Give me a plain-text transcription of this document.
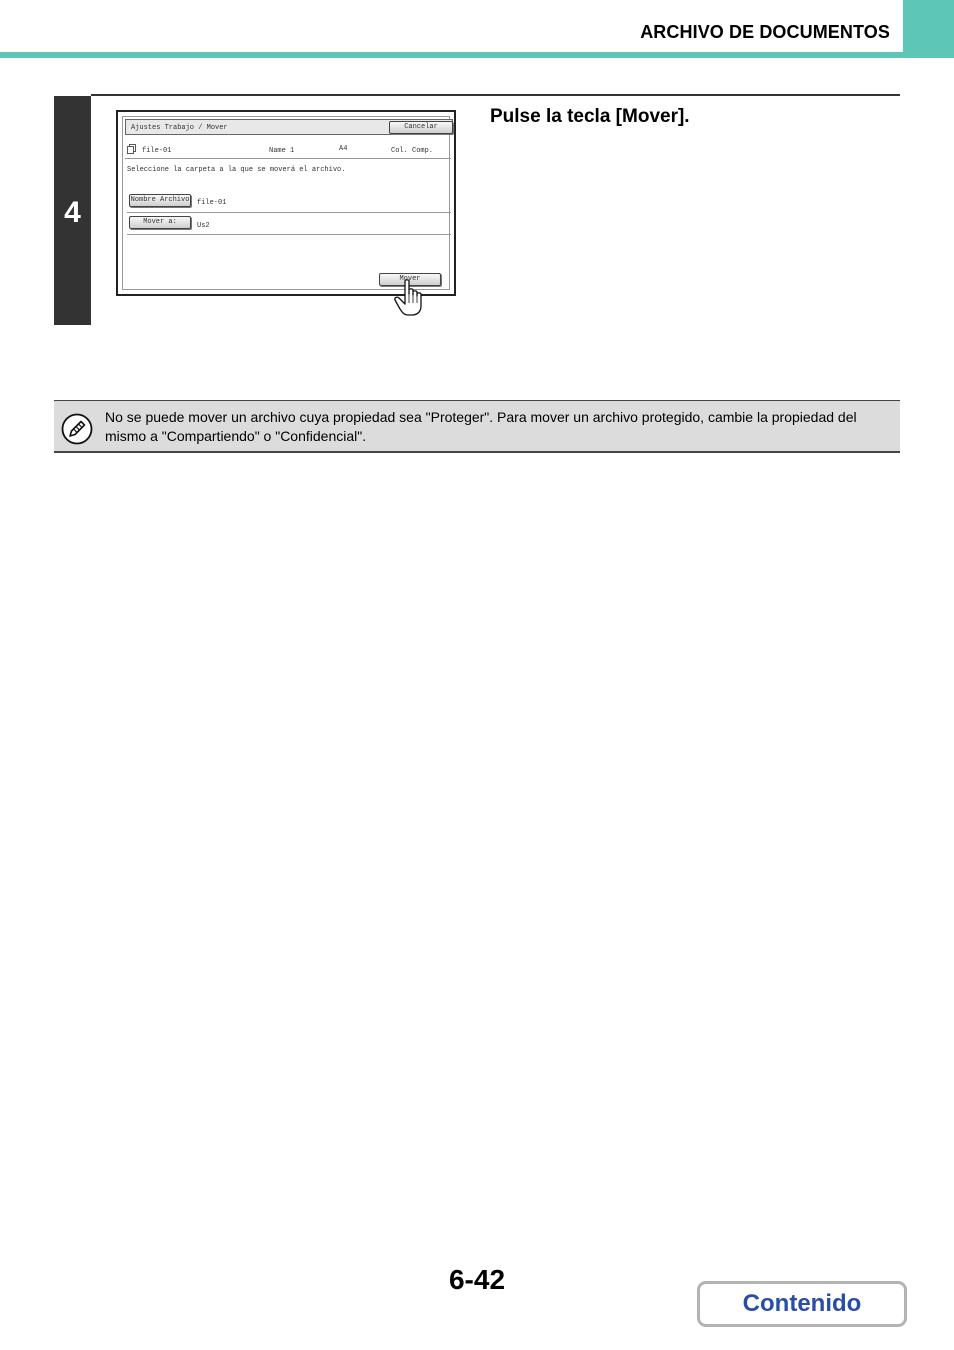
ARCHIVO DE DOCUMENTOS
4
Pulse la tecla [Mover].
Ajustes Trabajo / Mover	Cancelar
file-01	Name 1	A4	Col. Comp.
Seleccione la carpeta a la que se moverá el archivo.
Nombre Archivo file-01
Mover a:	Us2
Mover
No se puede mover un archivo cuya propiedad sea "Proteger". Para mover un archivo protegido, cambie la propiedad del mismo a "Compartiendo" o "Confidencial".
6-42
Contenido
